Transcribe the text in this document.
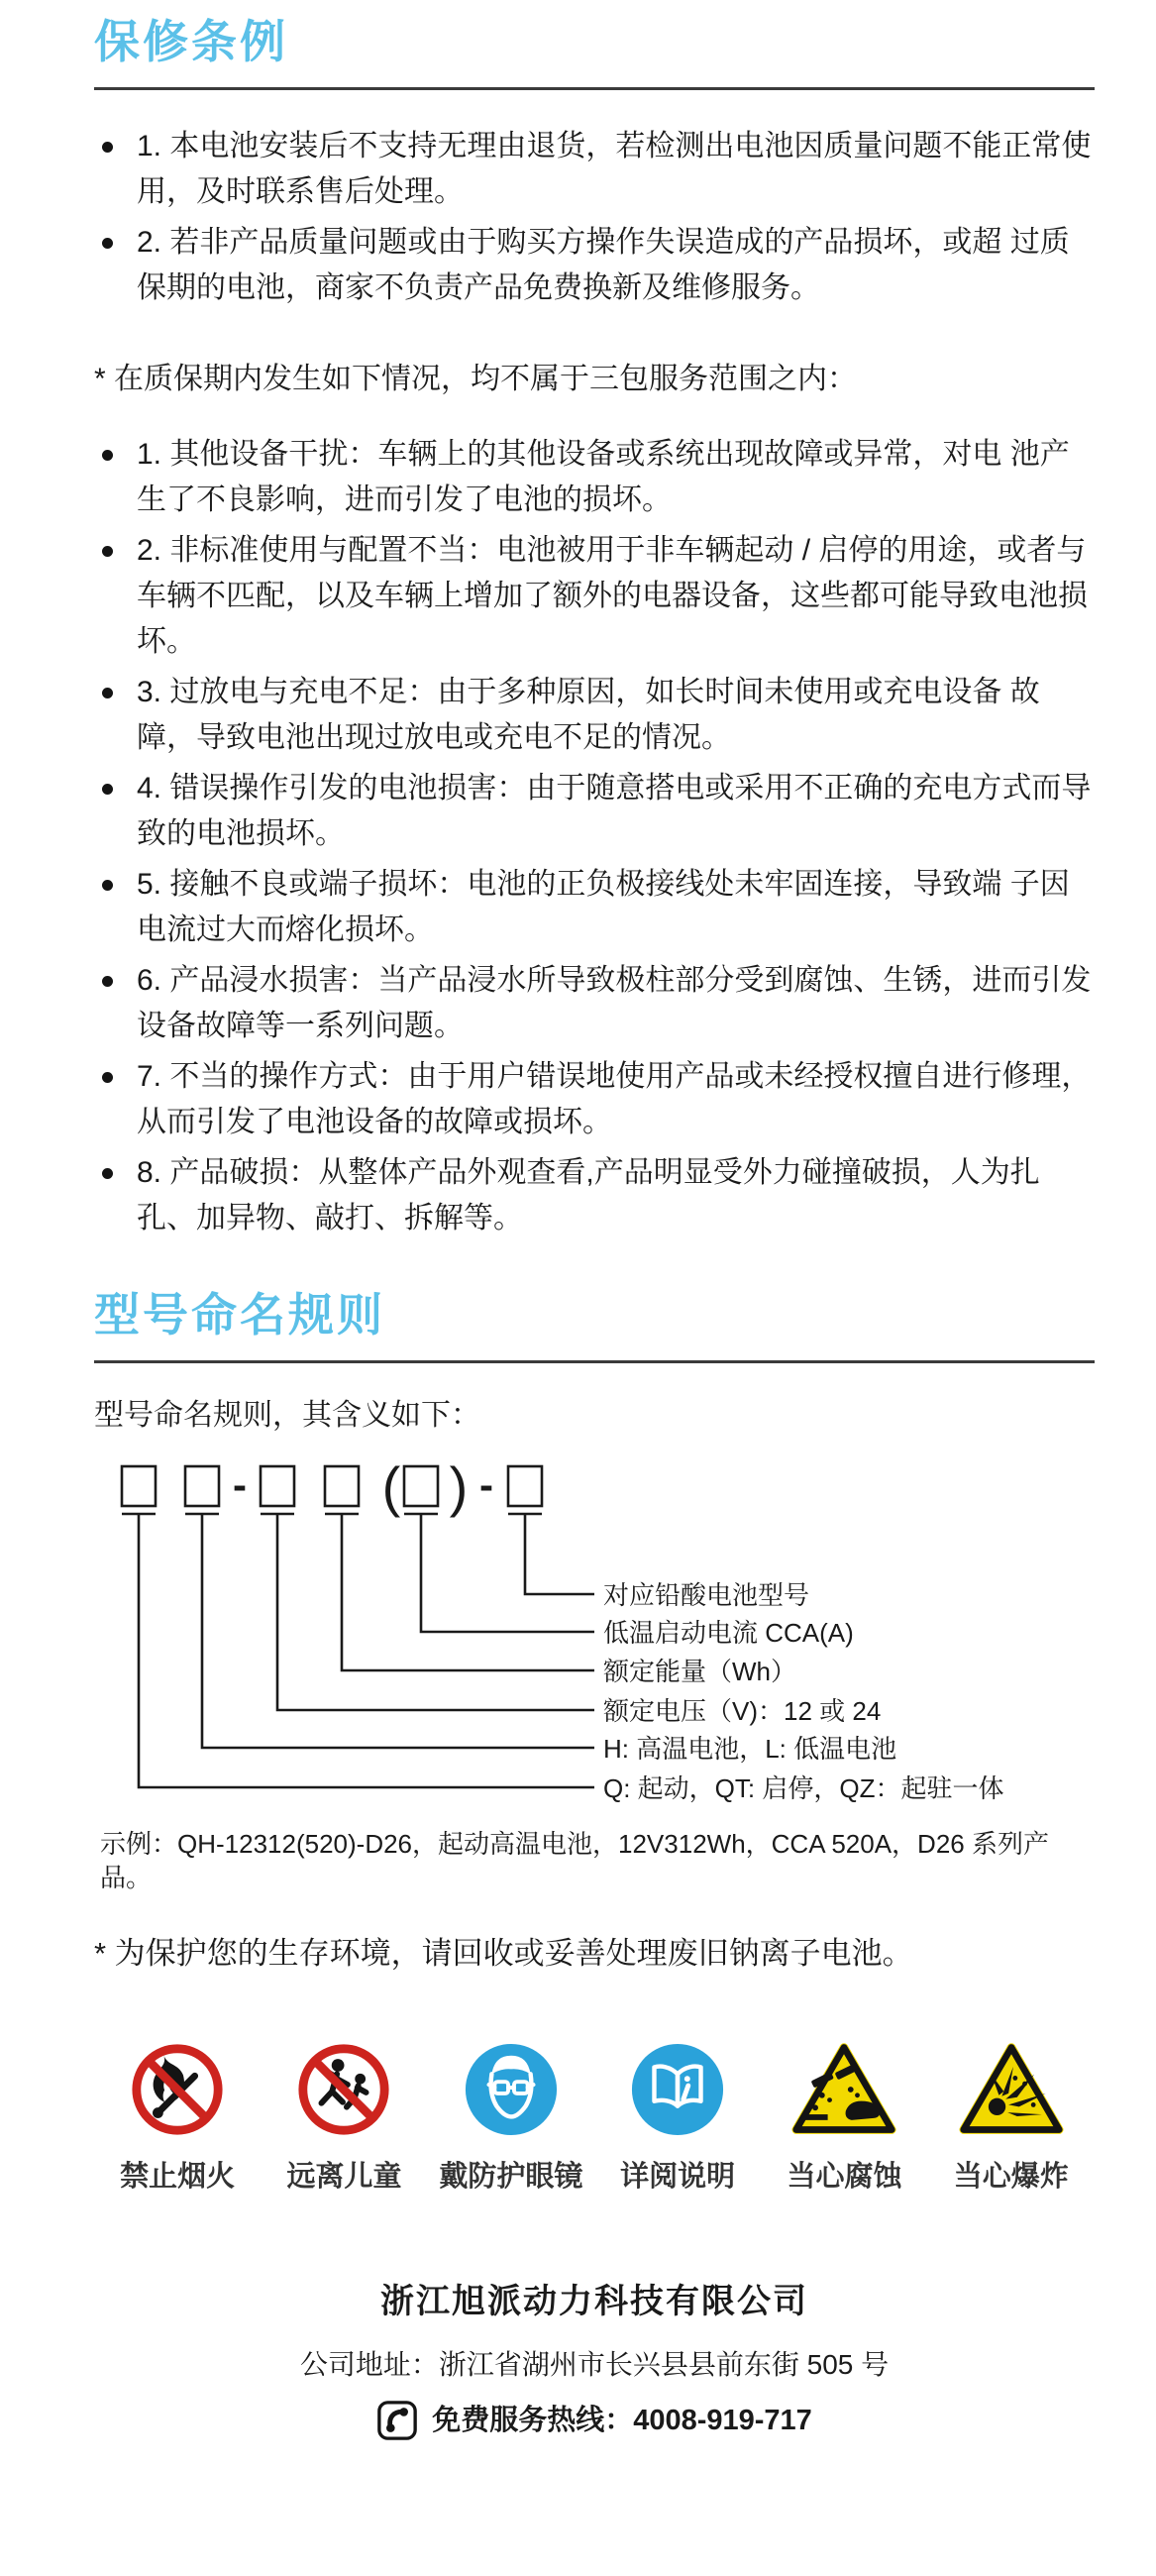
保修条例
1. 本电池安装后不支持无理由退货，若检测出电池因质量问题不能正常使用，及时联系售后处理。
2. 若非产品质量问题或由于购买方操作失误造成的产品损坏，或超 过质保期的电池，商家不负责产品免费换新及维修服务。

* 在质保期内发生如下情况，均不属于三包服务范围之内：

1. 其他设备干扰：车辆上的其他设备或系统出现故障或异常，对电 池产生了不良影响，进而引发了电池的损坏。
2. 非标准使用与配置不当：电池被用于非车辆起动 / 启停的用途，或者与车辆不匹配，以及车辆上增加了额外的电器设备，这些都可能导致电池损坏。
3. 过放电与充电不足：由于多种原因，如长时间未使用或充电设备 故障，导致电池出现过放电或充电不足的情况。
4. 错误操作引发的电池损害：由于随意搭电或采用不正确的充电方式而导致的电池损坏。
5. 接触不良或端子损坏：电池的正负极接线处未牢固连接，导致端 子因电流过大而熔化损坏。
6. 产品浸水损害：当产品浸水所导致极柱部分受到腐蚀、生锈，进而引发设备故障等一系列问题。
7. 不当的操作方式：由于用户错误地使用产品或未经授权擅自进行修理，从而引发了电池设备的故障或损坏。
8. 产品破损：从整体产品外观查看,产品明显受外力碰撞破损，人为扎孔、加异物、敲打、拆解等。
型号命名规则

型号命名规则，其含义如下：

-	-
( )
对应铅酸电池型号
低温启动电流 CCA(A)
额定能量（Wh）
额定电压（V)：12 或 24
H: 高温电池，L: 低温电池
Q: 起动，QT: 启停，QZ：起驻一体

示例：QH-12312(520)-D26，起动高温电池，12V312Wh，CCA 520A，D26 系列产品。

* 为保护您的生存环境，请回收或妥善处理废旧钠离子电池。

禁止烟火 远离儿童 戴防护眼镜 详阅说明 当心腐蚀 当心爆炸

浙江旭派动力科技有限公司

公司地址：浙江省湖州市长兴县县前东街 505 号

免费服务热线：4008-919-717
